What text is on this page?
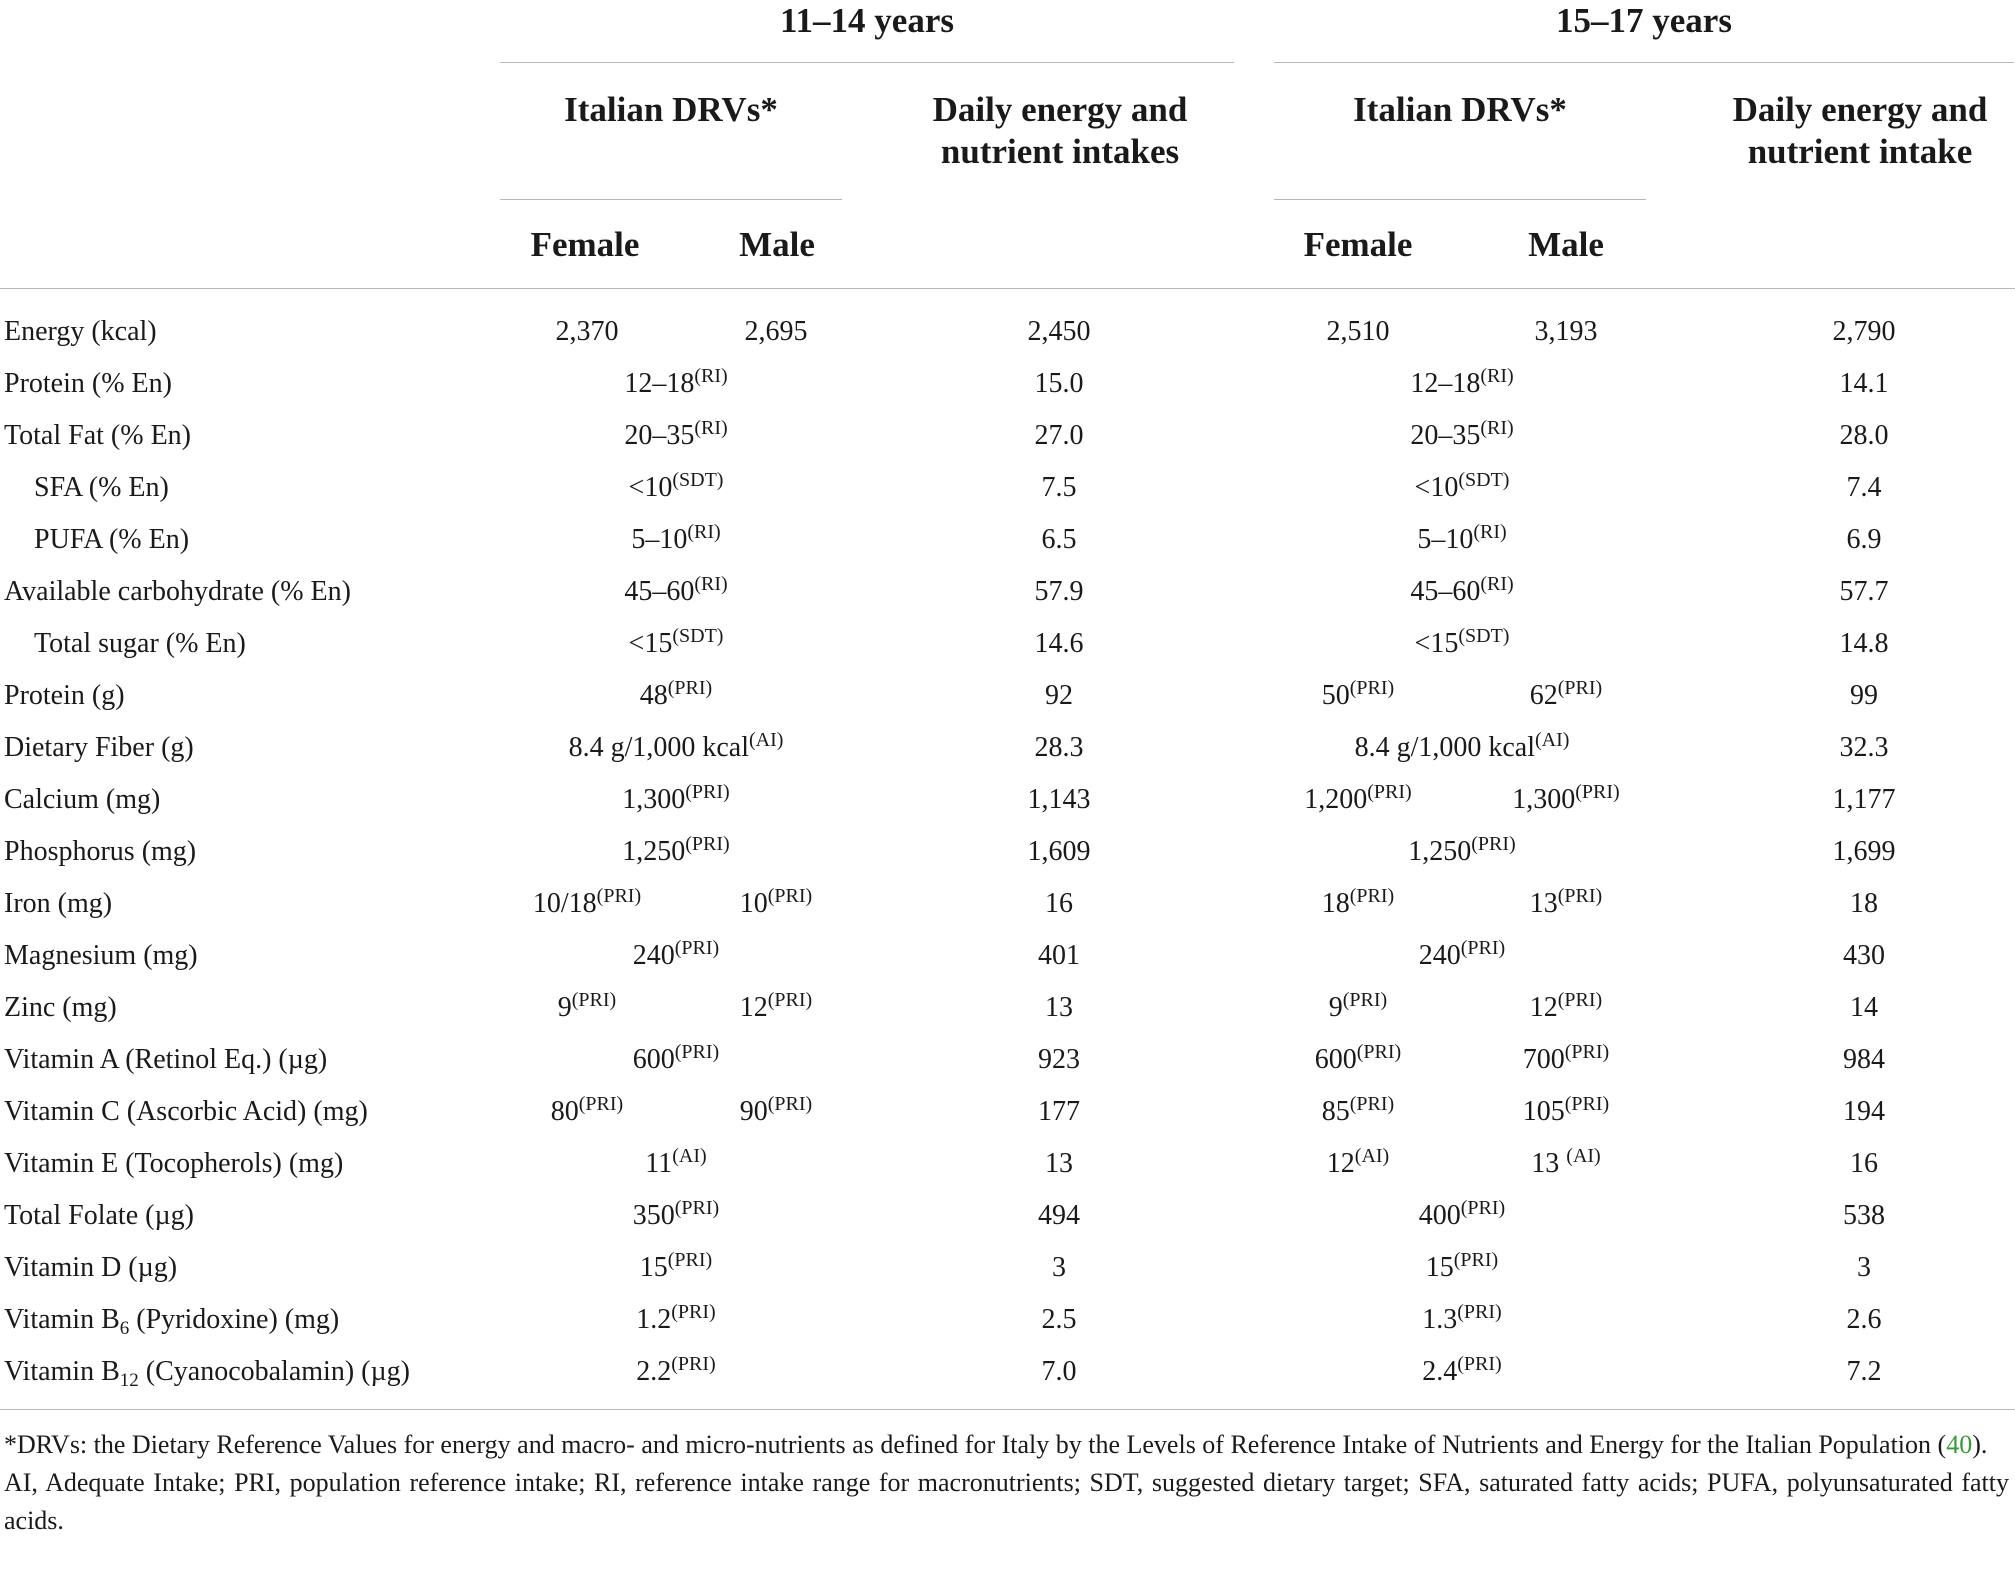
11–14 years	15–17 years
Italian DRVs*	Daily energy and
nutrient intakes
Italian DRVs*	Daily energy and
nutrient intake
Female	Male	Female	Male
Energy (kcal)	2,370	2,695	2,450	2,510	3,193	2,790
Protein (% En)	$12-18^{(RI)}$	15.0	$12-18^{(RI)}$	14.1
Total Fat (% En)	$20-35^{(RI)}$	27.0	$20-35^{(RI)}$	28.0
SFA (% En)	$<10^{(SDT)}$	7.5	$<10^{(SDT)}$	7.4
PUFA (% En)	$5-10^{(RI)}$	6.5	$5-10^{(RI)}$	6.9
Available carbohydrate (% En)	$45-60^{(RI)}$	57.9	$45-60^{(RI)}$	57.7
Total sugar (% En)	$<15^{(SDT)}$	14.6	$<15^{(SDT)}$	14.8
Protein (g)	$48^{(PRI)}$	92	$50^{(PRI)}$	$62^{(PRI)}$	99
Dietary Fiber (g)	8.4 g/1,000 kcal$^{(AI)}$	28.3	8.4 g/1,000 kcal$^{(AI)}$	32.3
Calcium (mg)	$1,300^{(PRI)}$	1,143	$1,200^{(PRI)}$	$1,300^{(PRI)}$	1,177
Phosphorus (mg)	$1,250^{(PRI)}$	1,609	$1,250^{(PRI)}$	1,699
Iron (mg)	$10/18^{(PRI)}$	$10^{(PRI)}$	16	$18^{(PRI)}$	$13^{(PRI)}$	18
Magnesium (mg)	$240^{(PRI)}$	401	$240^{(PRI)}$	430
Zinc (mg)	$9^{(PRI)}$	$12^{(PRI)}$	13	$9^{(PRI)}$	$12^{(PRI)}$	14
Vitamin A (Retinol Eq.) (µg)	$600^{(PRI)}$	923	$600^{(PRI)}$	$700^{(PRI)}$	984
Vitamin C (Ascorbic Acid) (mg)	$80^{(PRI)}$	$90^{(PRI)}$	177	$85^{(PRI)}$	$105^{(PRI)}$	194
Vitamin E (Tocopherols) (mg)	$11^{(AI)}$	13	$12^{(AI)}$	13 $^{(AI)}$	16
Total Folate (µg)	$350^{(PRI)}$	494	$400^{(PRI)}$	538
Vitamin D (µg)	$15^{(PRI)}$	3	$15^{(PRI)}$	3
Vitamin $B_6$ (Pyridoxine) (mg)	$1.2^{(PRI)}$	2.5	$1.3^{(PRI)}$	2.6
Vitamin $B_{12}$ (Cyanocobalamin) (µg)	$2.2^{(PRI)}$	7.0	$2.4^{(PRI)}$	7.2
*DRVs: the Dietary Reference Values for energy and macro- and micro-nutrients as defined for Italy by the Levels of Reference Intake of Nutrients and Energy for the Italian Population (40).
AI, Adequate Intake; PRI, population reference intake; RI, reference intake range for macronutrients; SDT, suggested dietary target; SFA, saturated fatty acids; PUFA, polyunsaturated fatty acids.
